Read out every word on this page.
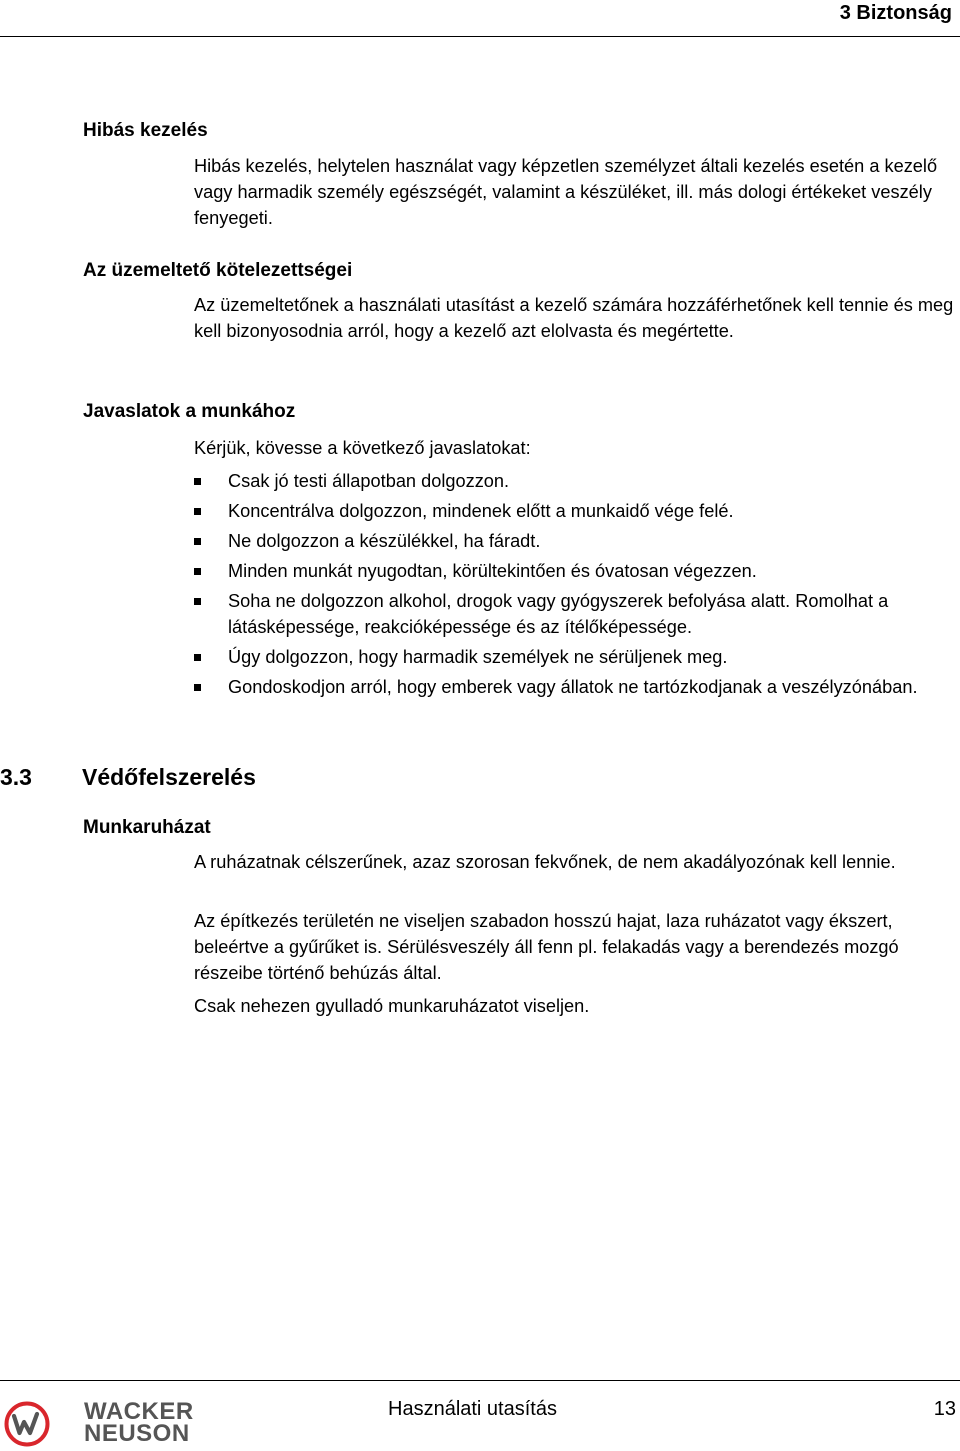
3 Biztonság
Hibás kezelés
Hibás kezelés, helytelen használat vagy képzetlen személyzet általi kezelés esetén a kezelő vagy harmadik személy egészségét, valamint a készüléket, ill. más dologi értékeket veszély fenyegeti.
Az üzemeltető kötelezettségei
Az üzemeltetőnek a használati utasítást a kezelő számára hozzáférhetőnek kell tennie és meg kell bizonyosodnia arról, hogy a kezelő azt elolvasta és megértette.
Javaslatok a munkához
Kérjük, kövesse a következő javaslatokat:
Csak jó testi állapotban dolgozzon.
Koncentrálva dolgozzon, mindenek előtt a munkaidő vége felé.
Ne dolgozzon a készülékkel, ha fáradt.
Minden munkát nyugodtan, körültekintően és óvatosan végezzen.
Soha ne dolgozzon alkohol, drogok vagy gyógyszerek befolyása alatt. Romolhat a látásképessége, reakcióképessége és az ítélőképessége.
Úgy dolgozzon, hogy harmadik személyek ne sérüljenek meg.
Gondoskodjon arról, hogy emberek vagy állatok ne tartózkodjanak a veszélyzónában.
3.3 Védőfelszerelés
Munkaruházat
A ruházatnak célszerűnek, azaz szorosan fekvőnek, de nem akadályozónak kell lennie.
Az építkezés területén ne viseljen szabadon hosszú hajat, laza ruházatot vagy ékszert, beleértve a gyűrűket is. Sérülésveszély áll fenn pl. felakadás vagy a berendezés mozgó részeibe történő behúzás által.
Csak nehezen gyulladó munkaruházatot viseljen.
WACKER
NEUSON
Használati utasítás	13
